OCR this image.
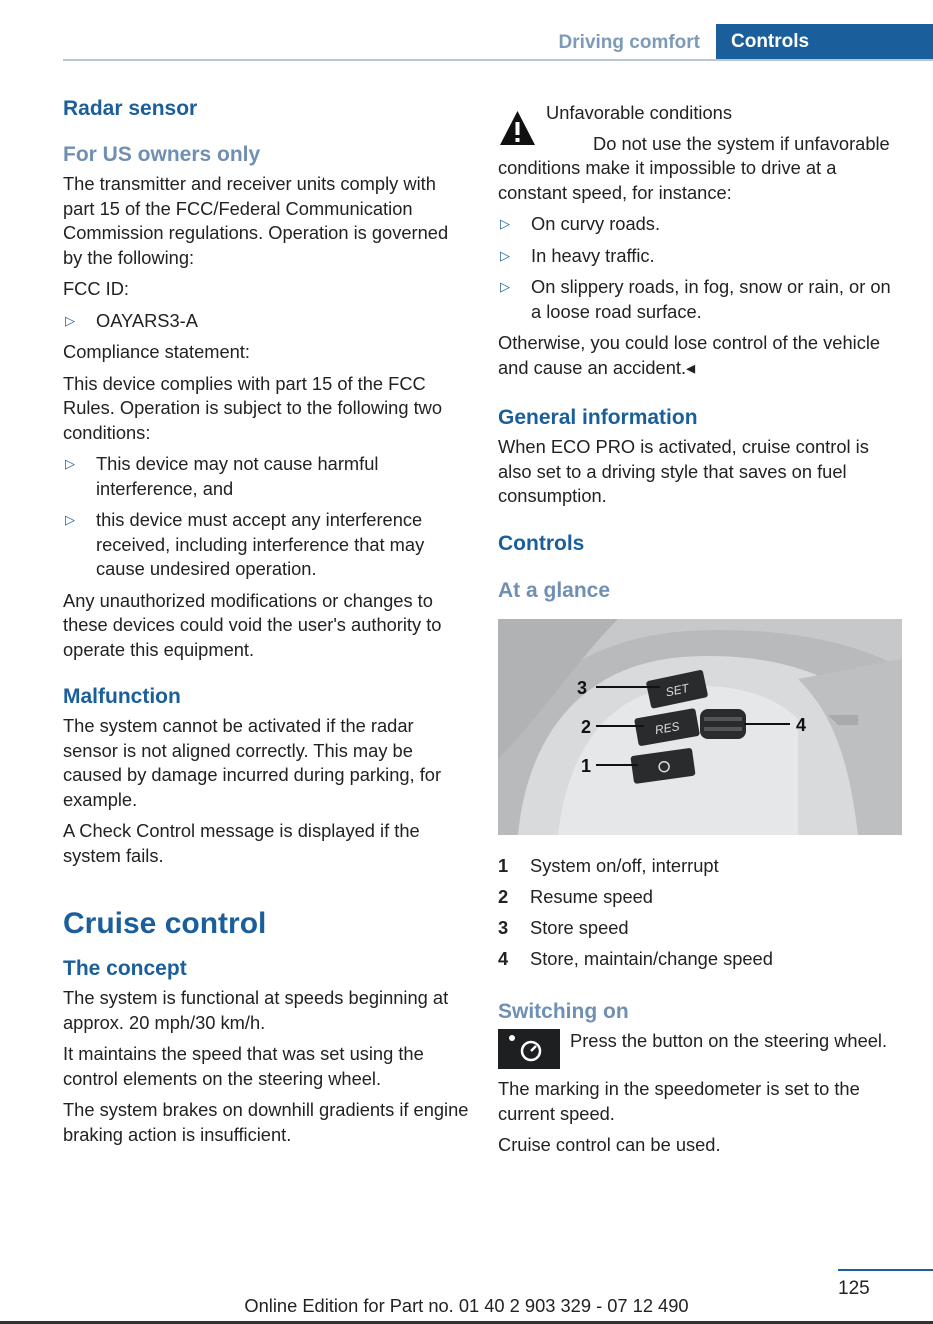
Driving comfort	Controls
Radar sensor
For US owners only

The transmitter and receiver units comply with part 15 of the FCC/Federal Communication Commission regulations. Operation is governed by the following:

FCC ID:

▷ OAYARS3-A

Compliance statement:

This device complies with part 15 of the FCC Rules. Operation is subject to the following two conditions:

▷ This device may not cause harmful interference, and
▷ this device must accept any interference received, including interference that may cause undesired operation.

Any unauthorized modifications or changes to these devices could void the user's authority to operate this equipment.

Malfunction

The system cannot be activated if the radar sensor is not aligned correctly. This may be caused by damage incurred during parking, for example.

A Check Control message is displayed if the system fails.

Cruise control
The concept

The system is functional at speeds beginning at approx. 20 mph/30 km/h.

It maintains the speed that was set using the control elements on the steering wheel.

The system brakes on downhill gradients if engine braking action is insufficient.

Unfavorable conditions

Do not use the system if unfavorable conditions make it impossible to drive at a constant speed, for instance:

▷ On curvy roads.
▷ In heavy traffic.
▷ On slippery roads, in fog, snow or rain, or on a loose road surface.

Otherwise, you could lose control of the vehicle and cause an accident.◂

General information

When ECO PRO is activated, cruise control is also set to a driving style that saves on fuel consumption.

Controls
At a glance
SET
RES
3
2
1
4
1 System on/off, interrupt
2 Resume speed
3 Store speed
4 Store, maintain/change speed
Switching on

Press the button on the steering wheel.

The marking in the speedometer is set to the current speed.

Cruise control can be used.

125
Online Edition for Part no. 01 40 2 903 329 - 07 12 490
